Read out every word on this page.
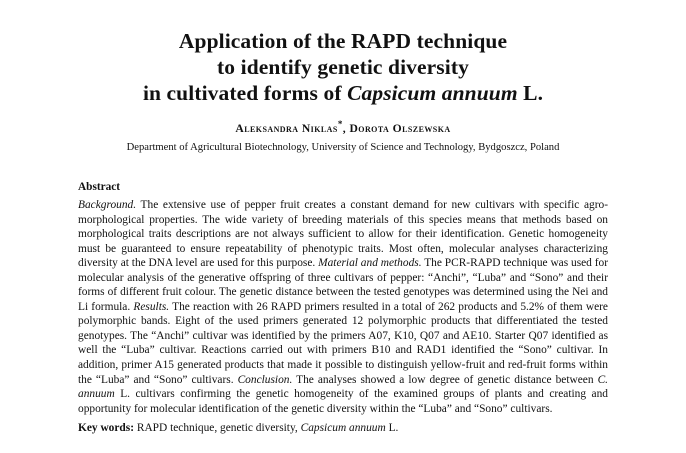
Application of the RAPD technique
to identify genetic diversity
in cultivated forms of Capsicum annuum L.
Aleksandra Niklas*, Dorota Olszewska
Department of Agricultural Biotechnology, University of Science and Technology, Bydgoszcz, Poland
Abstract

Background. The extensive use of pepper fruit creates a constant demand for new cultivars with specific agro-morphological properties. The wide variety of breeding materials of this species means that methods based on morphological traits descriptions are not always sufficient to allow for their identification. Genetic homogeneity must be guaranteed to ensure repeatability of phenotypic traits. Most often, molecular analyses characterizing diversity at the DNA level are used for this purpose. Material and methods. The PCR-RAPD technique was used for molecular analysis of the generative offspring of three cultivars of pepper: “Anchi”, “Luba” and “Sono” and their forms of different fruit colour. The genetic distance between the tested genotypes was determined using the Nei and Li formula. Results. The reaction with 26 RAPD primers resulted in a total of 262 products and 5.2% of them were polymorphic bands. Eight of the used primers generated 12 polymorphic products that differentiated the tested genotypes. The “Anchi” cultivar was identified by the primers A07, K10, Q07 and AE10. Starter Q07 identified as well the “Luba” cultivar. Reactions carried out with primers B10 and RAD1 identified the “Sono” cultivar. In addition, primer A15 generated products that made it possible to distinguish yellow-fruit and red-fruit forms within the “Luba” and “Sono” cultivars. Conclusion. The analyses showed a low degree of genetic distance between C. annuum L. cultivars confirming the genetic homogeneity of the examined groups of plants and creating and opportunity for molecular identification of the genetic diversity within the “Luba” and “Sono” cultivars.

Key words: RAPD technique, genetic diversity, Capsicum annuum L.
